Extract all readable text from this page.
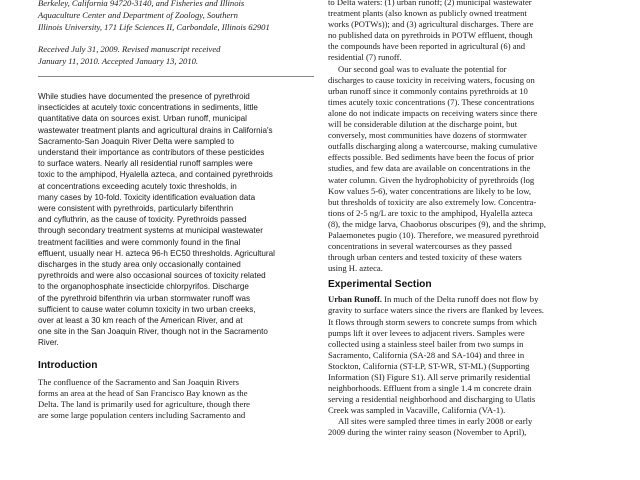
Berkeley, California 94720-3140, and Fisheries and Illinois
Aquaculture Center and Department of Zoology, Southern
Illinois University, 171 Life Sciences II, Carbondale, Illinois 62901
Received July 31, 2009. Revised manuscript received
January 11, 2010. Accepted January 13, 2010.
While studies have documented the presence of pyrethroid
insecticides at acutely toxic concentrations in sediments, little
quantitative data on sources exist. Urban runoff, municipal
wastewater treatment plants and agricultural drains in California's
Sacramento-San Joaquin River Delta were sampled to
understand their importance as contributors of these pesticides
to surface waters. Nearly all residential runoff samples were
toxic to the amphipod, Hyalella azteca, and contained pyrethroids
at concentrations exceeding acutely toxic thresholds, in
many cases by 10-fold. Toxicity identification evaluation data
were consistent with pyrethroids, particularly bifenthrin
and cyfluthrin, as the cause of toxicity. Pyrethroids passed
through secondary treatment systems at municipal wastewater
treatment facilities and were commonly found in the final
effluent, usually near H. azteca 96-h EC50 thresholds. Agricultural
discharges in the study area only occasionally contained
pyrethroids and were also occasional sources of toxicity related
to the organophosphate insecticide chlorpyrifos. Discharge
of the pyrethroid bifenthrin via urban stormwater runoff was
sufficient to cause water column toxicity in two urban creeks,
over at least a 30 km reach of the American River, and at
one site in the San Joaquin River, though not in the Sacramento
River.
Introduction
The confluence of the Sacramento and San Joaquin Rivers
forms an area at the head of San Francisco Bay known as the
Delta. The land is primarily used for agriculture, though there
are some large population centers including Sacramento and
to Delta waters: (1) urban runoff; (2) municipal wastewater
treatment plants (also known as publicly owned treatment
works (POTWs)); and (3) agricultural discharges. There are
no published data on pyrethroids in POTW effluent, though
the compounds have been reported in agricultural (6) and
residential (7) runoff.
Our second goal was to evaluate the potential for
discharges to cause toxicity in receiving waters, focusing on
urban runoff since it commonly contains pyrethroids at 10
times acutely toxic concentrations (7). These concentrations
alone do not indicate impacts on receiving waters since there
will be considerable dilution at the discharge point, but
conversely, most communities have dozens of stormwater
outfalls discharging along a watercourse, making cumulative
effects possible. Bed sediments have been the focus of prior
studies, and few data are available on concentrations in the
water column. Given the hydrophobicity of pyrethroids (log
Kow values 5-6), water concentrations are likely to be low,
but thresholds of toxicity are also extremely low. Concentra-
tions of 2-5 ng/L are toxic to the amphipod, Hyalella azteca
(8), the midge larva, Chaoborus obscuripes (9), and the shrimp,
Palaemonetes pugio (10). Therefore, we measured pyrethroid
concentrations in several watercourses as they passed
through urban centers and tested toxicity of these waters
using H. azteca.
Experimental Section
Urban Runoff. In much of the Delta runoff does not flow by
gravity to surface waters since the rivers are flanked by levees.
It flows through storm sewers to concrete sumps from which
pumps lift it over levees to adjacent rivers. Samples were
collected using a stainless steel bailer from two sumps in
Sacramento, California (SA-28 and SA-104) and three in
Stockton, California (ST-LP, ST-WR, ST-ML) (Supporting
Information (SI) Figure S1). All serve primarily residential
neighborhoods. Effluent from a single 1.4 m concrete drain
serving a residential neighborhood and discharging to Ulatis
Creek was sampled in Vacaville, California (VA-1).
All sites were sampled three times in early 2008 or early
2009 during the winter rainy season (November to April),
